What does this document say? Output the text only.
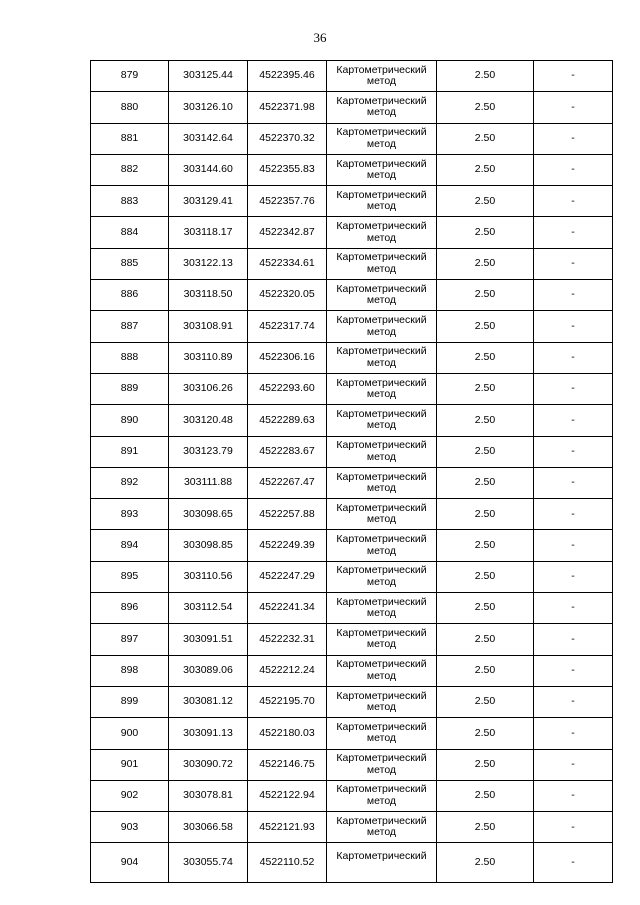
36
879	303125.44	4522395.46	Картометрический метод	2.50	-
880	303126.10	4522371.98	Картометрический метод	2.50	-
881	303142.64	4522370.32	Картометрический метод	2.50	-
882	303144.60	4522355.83	Картометрический метод	2.50	-
883	303129.41	4522357.76	Картометрический метод	2.50	-
884	303118.17	4522342.87	Картометрический метод	2.50	-
885	303122.13	4522334.61	Картометрический метод	2.50	-
886	303118.50	4522320.05	Картометрический метод	2.50	-
887	303108.91	4522317.74	Картометрический метод	2.50	-
888	303110.89	4522306.16	Картометрический метод	2.50	-
889	303106.26	4522293.60	Картометрический метод	2.50	-
890	303120.48	4522289.63	Картометрический метод	2.50	-
891	303123.79	4522283.67	Картометрический метод	2.50	-
892	303111.88	4522267.47	Картометрический метод	2.50	-
893	303098.65	4522257.88	Картометрический метод	2.50	-
894	303098.85	4522249.39	Картометрический метод	2.50	-
895	303110.56	4522247.29	Картометрический метод	2.50	-
896	303112.54	4522241.34	Картометрический метод	2.50	-
897	303091.51	4522232.31	Картометрический метод	2.50	-
898	303089.06	4522212.24	Картометрический метод	2.50	-
899	303081.12	4522195.70	Картометрический метод	2.50	-
900	303091.13	4522180.03	Картометрический метод	2.50	-
901	303090.72	4522146.75	Картометрический метод	2.50	-
902	303078.81	4522122.94	Картометрический метод	2.50	-
903	303066.58	4522121.93	Картометрический метод	2.50	-
904	303055.74	4522110.52	Картометрический	2.50	-
